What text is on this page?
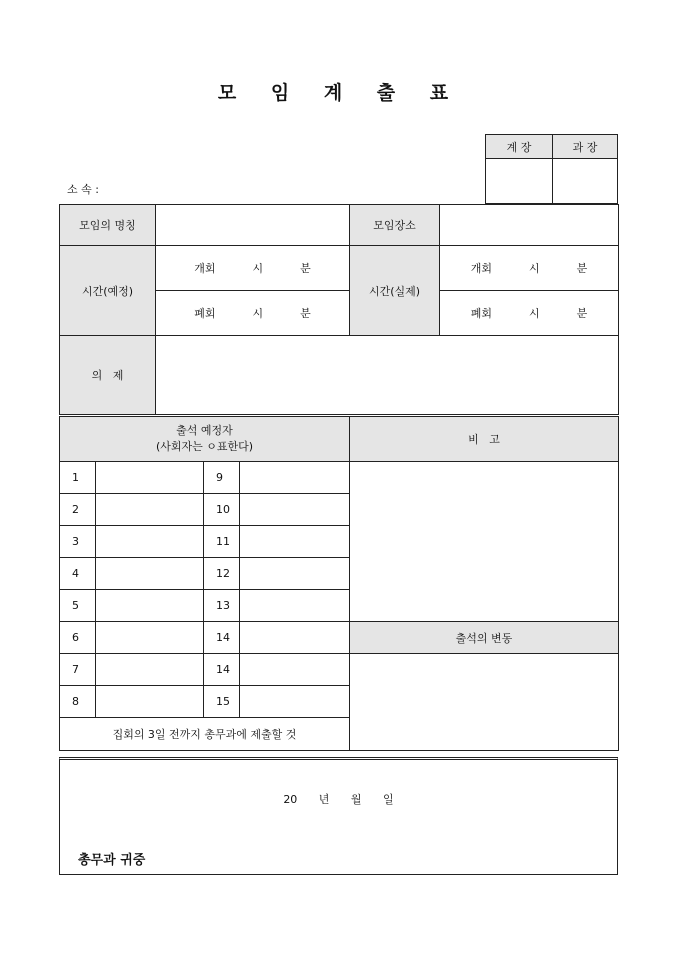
모 임 계 출 표
계 장	과 장

소 속 :
모임의 명칭					모임장소	
시간(예정)		개회 시 분			시간(실제)	개회 시 분
		폐회 시 분				폐회 시 분
의   제						

출석 예정자
(사회자는 ㅇ표한다)					비   고	
1			9			
2			10			
3			11			
4			12			
5			13			
6			14		출석의 변동	
7			14			
8			15			
집회의 3일 전까지 총무과에 제출할 것						
20 년 월 일
총무과 귀중
